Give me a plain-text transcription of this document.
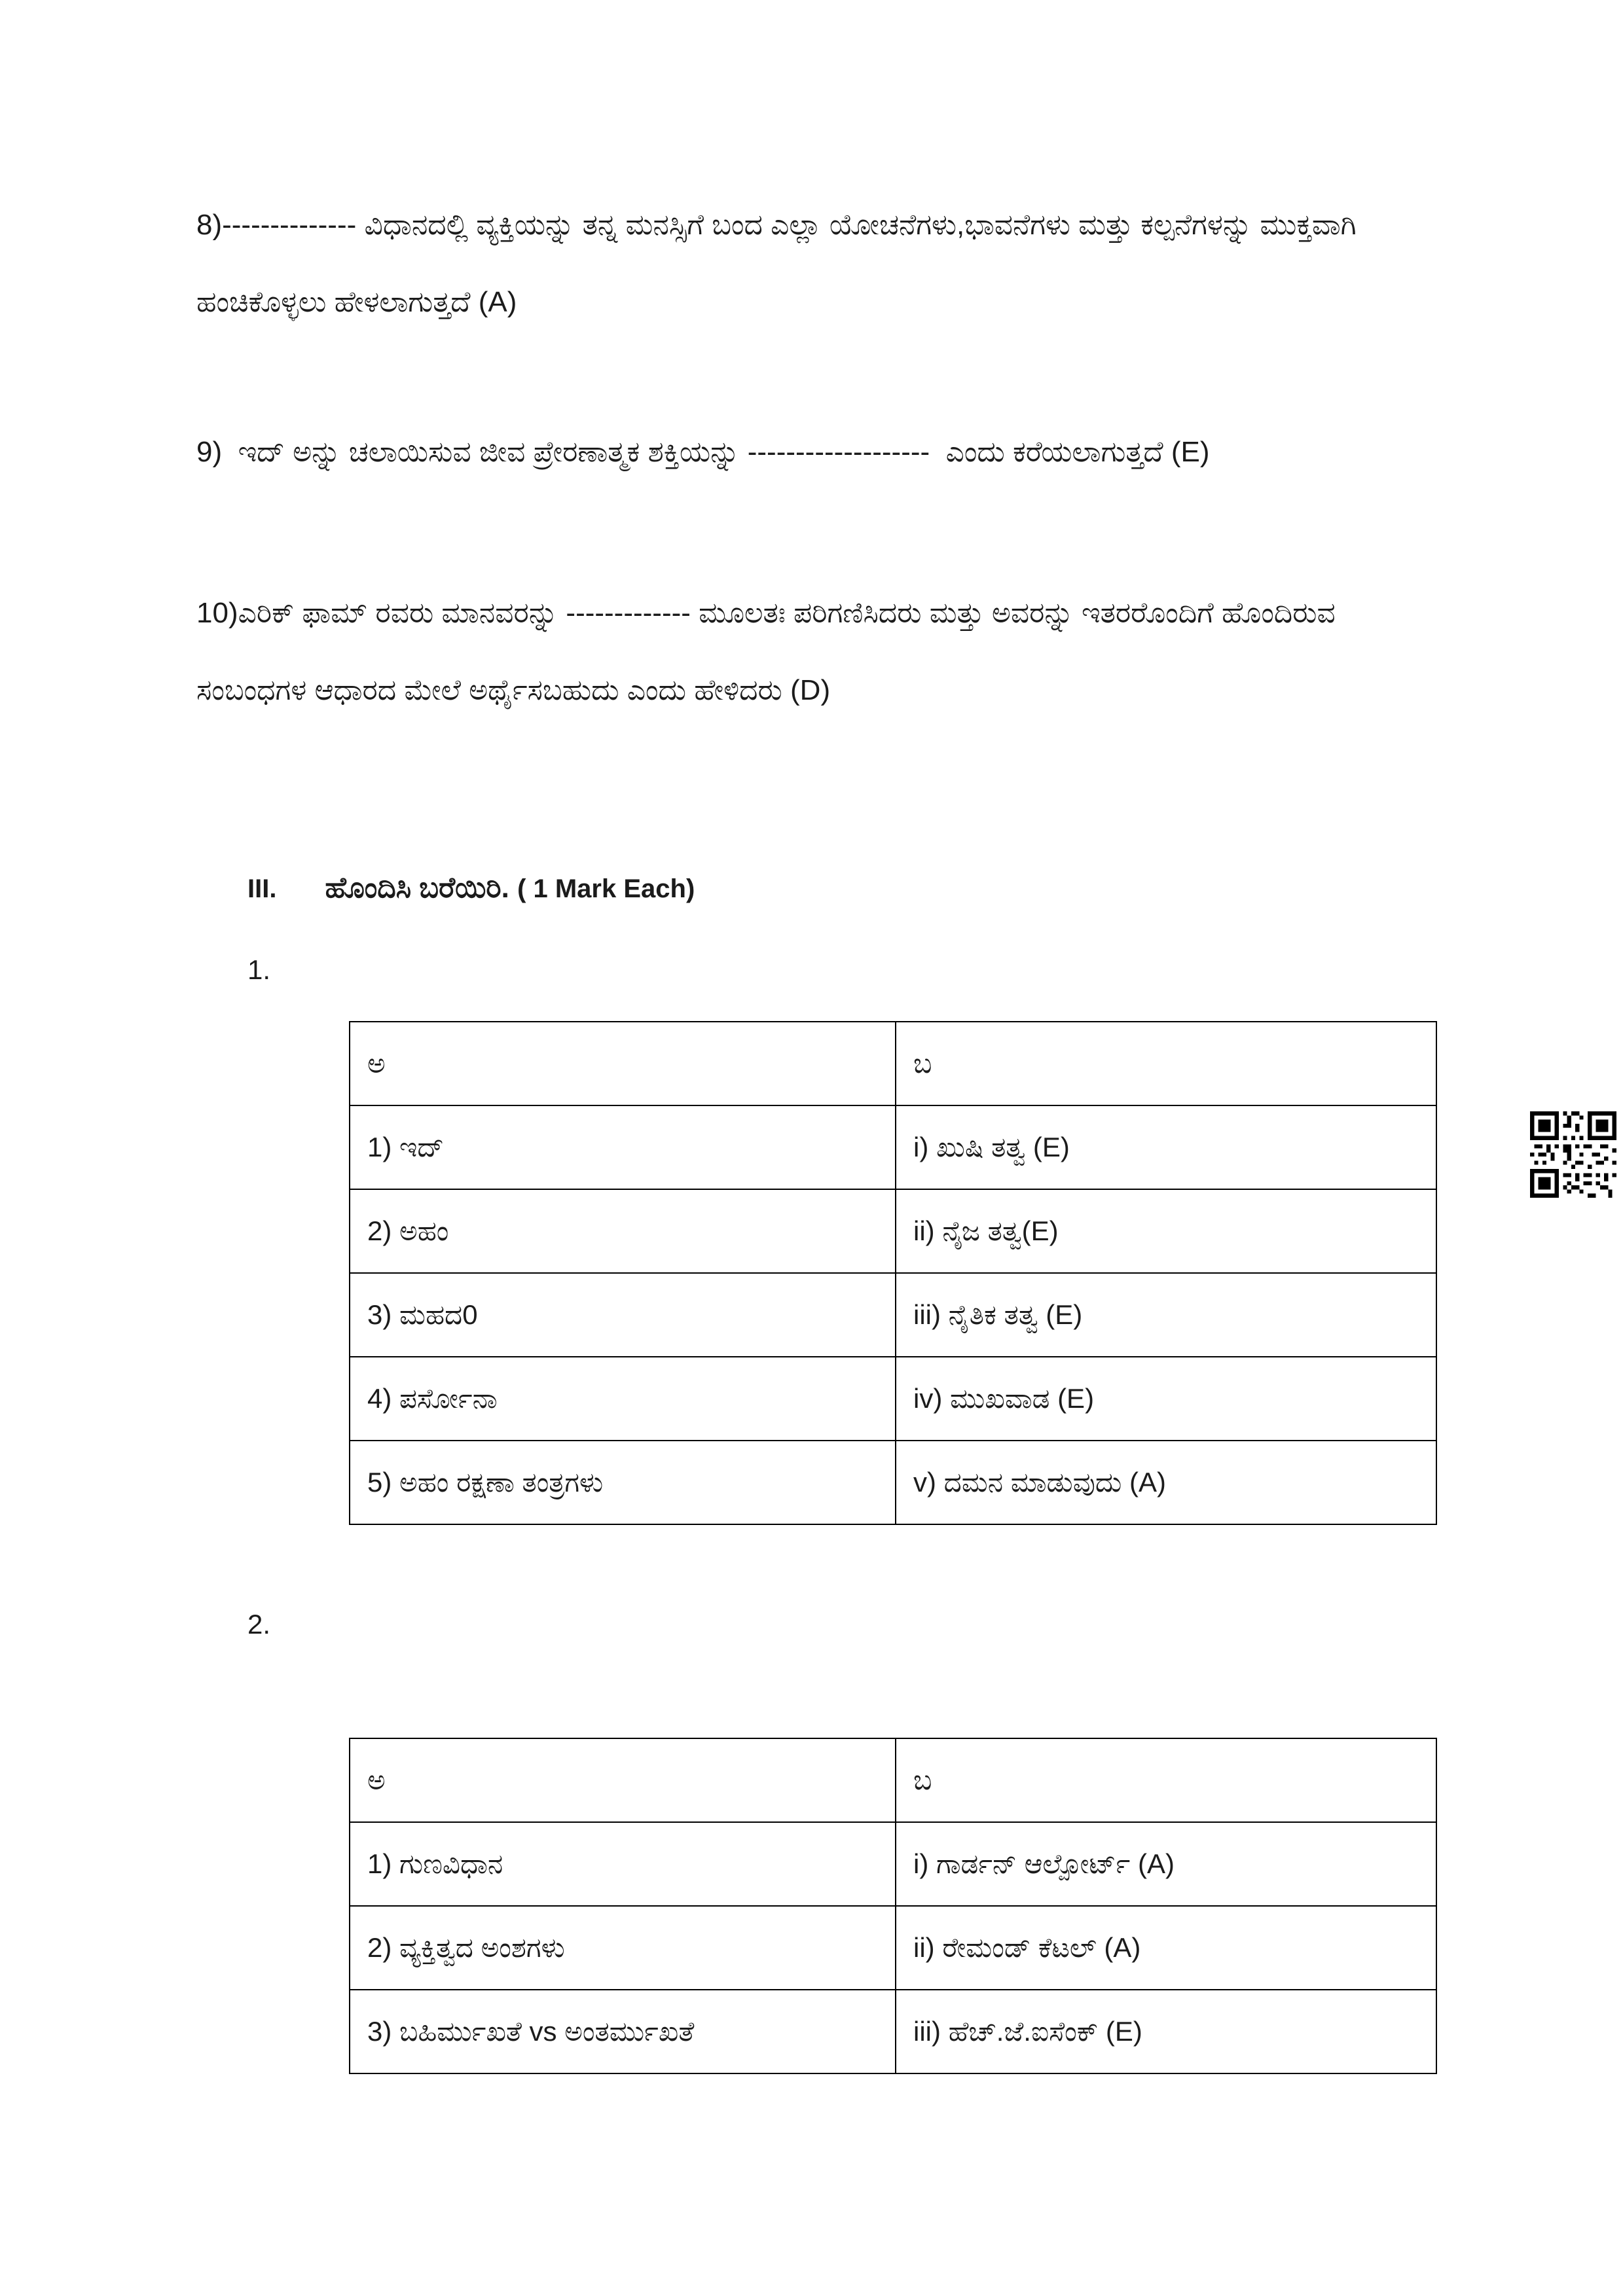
8)-------------- ವಿಧಾನದಲ್ಲಿ ವ್ಯಕ್ತಿಯನ್ನು ತನ್ನ ಮನಸ್ಸಿಗೆ ಬಂದ ಎಲ್ಲಾ ಯೋಚನೆಗಳು,ಭಾವನೆಗಳು ಮತ್ತು ಕಲ್ಪನೆಗಳನ್ನು ಮುಕ್ತವಾಗಿ ಹಂಚಿಕೊಳ್ಳಲು ಹೇಳಲಾಗುತ್ತದೆ (A)

9)  ಇದ್ ಅನ್ನು ಚಲಾಯಿಸುವ ಜೀವ ಪ್ರೇರಣಾತ್ಮಕ ಶಕ್ತಿಯನ್ನು -------------------  ಎಂದು ಕರೆಯಲಾಗುತ್ತದೆ (E)

10)ಎರಿಕ್ ಫಾಮ್ ರವರು ಮಾನವರನ್ನು ------------- ಮೂಲತಃ ಪರಿಗಣಿಸಿದರು ಮತ್ತು ಅವರನ್ನು ಇತರರೊಂದಿಗೆ ಹೊಂದಿರುವ ಸಂಬಂಧಗಳ ಆಧಾರದ ಮೇಲೆ ಅರ್ಥೈಸಬಹುದು ಎಂದು ಹೇಳಿದರು (D)

III. ಹೊಂದಿಸಿ ಬರೆಯಿರಿ. ( 1 Mark Each)
1.
ಅ	ಬ
1) ಇದ್	i) ಖುಷಿ ತತ್ವ (E)
2) ಅಹಂ	ii) ನೈಜ ತತ್ವ(E)
3) ಮಹದ0	iii) ನೈತಿಕ ತತ್ವ (E)
4) ಪರ್ಸೋನಾ	iv) ಮುಖವಾಡ (E)
5) ಅಹಂ ರಕ್ಷಣಾ ತಂತ್ರಗಳು	v) ದಮನ ಮಾಡುವುದು (A)
2.
ಅ	ಬ
1) ಗುಣವಿಧಾನ	i) ಗಾರ್ಡನ್ ಆಲ್ಪೋರ್ಟ್ (A)
2) ವ್ಯಕ್ತಿತ್ವದ ಅಂಶಗಳು	ii) ರೇಮಂಡ್ ಕೆಟಲ್ (A)
3) ಬಹಿರ್ಮುಖತೆ vs ಅಂತರ್ಮುಖತೆ	iii) ಹೆಚ್.ಜೆ.ಐಸೆಂಕ್ (E)
